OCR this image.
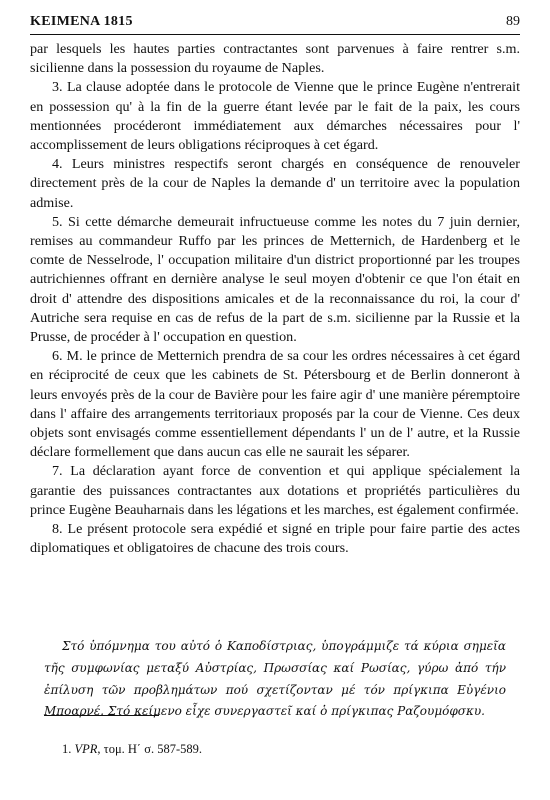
ΚΕΙΜΕΝΑ 1815	89

par lesquels les hautes parties contractantes sont parvenues à faire rentrer s.m. sicilienne dans la possession du royaume de Naples.

3. La clause adoptée dans le protocole de Vienne que le prince Eugène n'entrerait en possession qu' à la fin de la guerre étant levée par le fait de la paix, les cours mentionnées procéderont immédiatement aux démarches nécessaires pour l' accomplissement de leurs obligations réciproques à cet égard.

4. Leurs ministres respectifs seront chargés en conséquence de renouveler directement près de la cour de Naples la demande d' un territoire avec la population admise.

5. Si cette démarche demeurait infructueuse comme les notes du 7 juin dernier, remises au commandeur Ruffo par les princes de Metternich, de Hardenberg et le comte de Nesselrode, l' occupation militaire d'un district proportionné par les troupes autrichiennes offrant en dernière analyse le seul moyen d'obtenir ce que l'on était en droit d' attendre des dispositions amicales et de la reconnaissance du roi, la cour d' Autriche sera requise en cas de refus de la part de s.m. sicilienne par la Russie et la Prusse, de procéder à l' occupation en question.

6. M. le prince de Metternich prendra de sa cour les ordres nécessaires à cet égard en réciprocité de ceux que les cabinets de St. Pétersbourg et de Berlin donneront à leurs envoyés près de la cour de Bavière pour les faire agir d' une manière péremptoire dans l' affaire des arrangements territoriaux proposés par la cour de Vienne. Ces deux objets sont envisagés comme essentiellement dépendants l' un de l' autre, et la Russie déclare formellement que dans aucun cas elle ne saurait les séparer.

7. La déclaration ayant force de convention et qui applique spécialement la garantie des puissances contractantes aux dotations et propriétés particulières du prince Eugène Beauharnais dans les légations et les marches, est également confirmée.

8. Le présent protocole sera expédié et signé en triple pour faire partie des actes diplomatiques et obligatoires de chacune des trois cours.

Στό ὑπόμνημα του αὐτό ὁ Καποδίστριας, ὑπογράμμιζε τά κύρια σημεῖα τῆς συμφωνίας μεταξύ Αὐστρίας, Πρωσσίας καί Ρωσίας, γύρω ἀπό τήν ἐπίλυση τῶν προβλημάτων πού σχετίζονταν μέ τόν πρίγκιπα Εὐγένιο Μποαρνέ. Στό κείμενο εἶχε συνεργαστεῖ καί ὁ πρίγκιπας Ραζουμόφσκυ.
1. VPR, τομ. Η΄ σ. 587-589.
